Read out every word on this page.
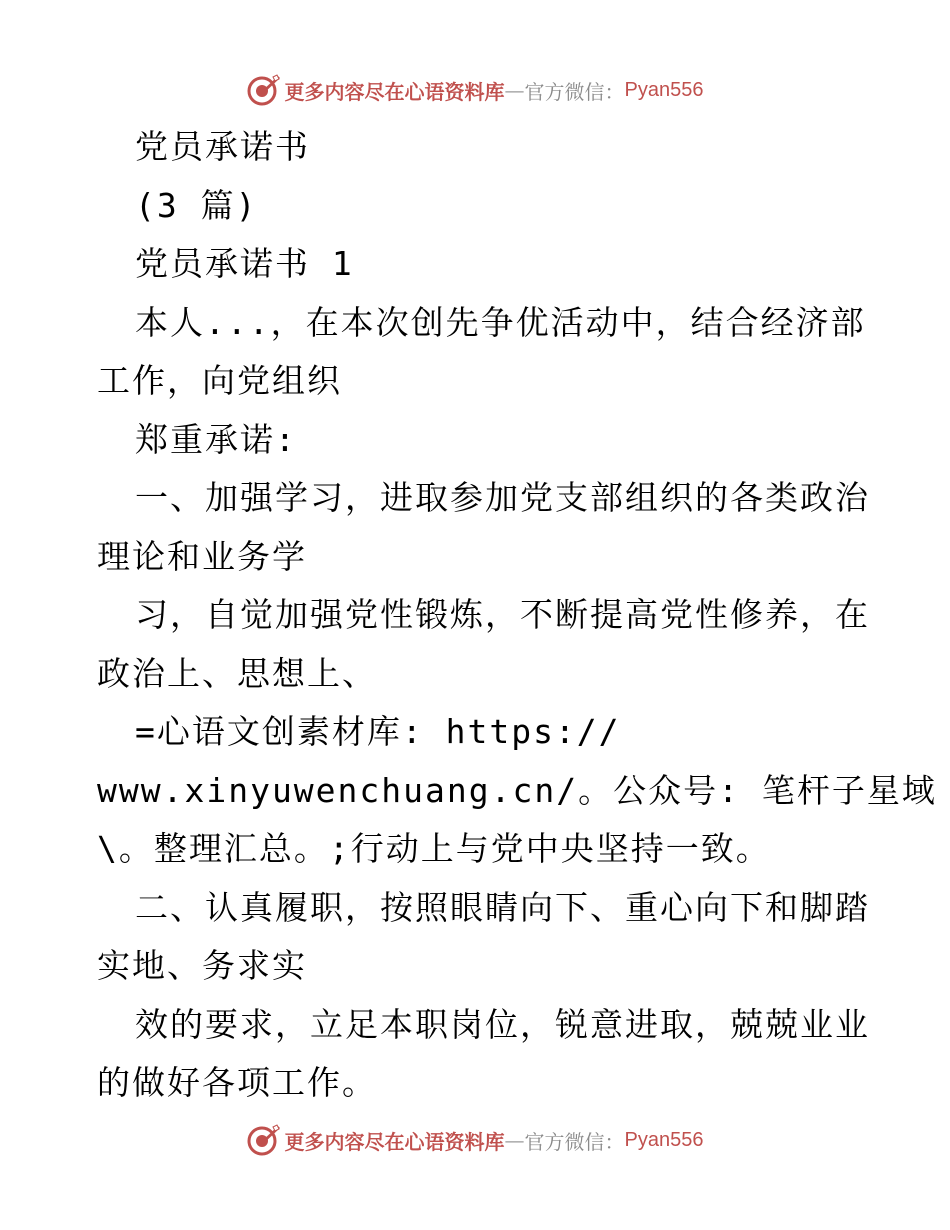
更多内容尽在心语资料库 — 官方微信： Pyan556
党员承诺书
(3 篇)
党员承诺书 1
本人...，在本次创先争优活动中，结合经济部
工作，向党组织
郑重承诺:
一、加强学习，进取参加党支部组织的各类政治
理论和业务学
习，自觉加强党性锻炼，不断提高党性修养，在
政治上、思想上、
=心语文创素材库: https://
www.xinyuwenchuang.cn/。公众号: 笔杆子星域
\。整理汇总。;行动上与党中央坚持一致。
二、认真履职，按照眼睛向下、重心向下和脚踏
实地、务求实
效的要求，立足本职岗位，锐意进取，兢兢业业
的做好各项工作。
更多内容尽在心语资料库 — 官方微信： Pyan556
